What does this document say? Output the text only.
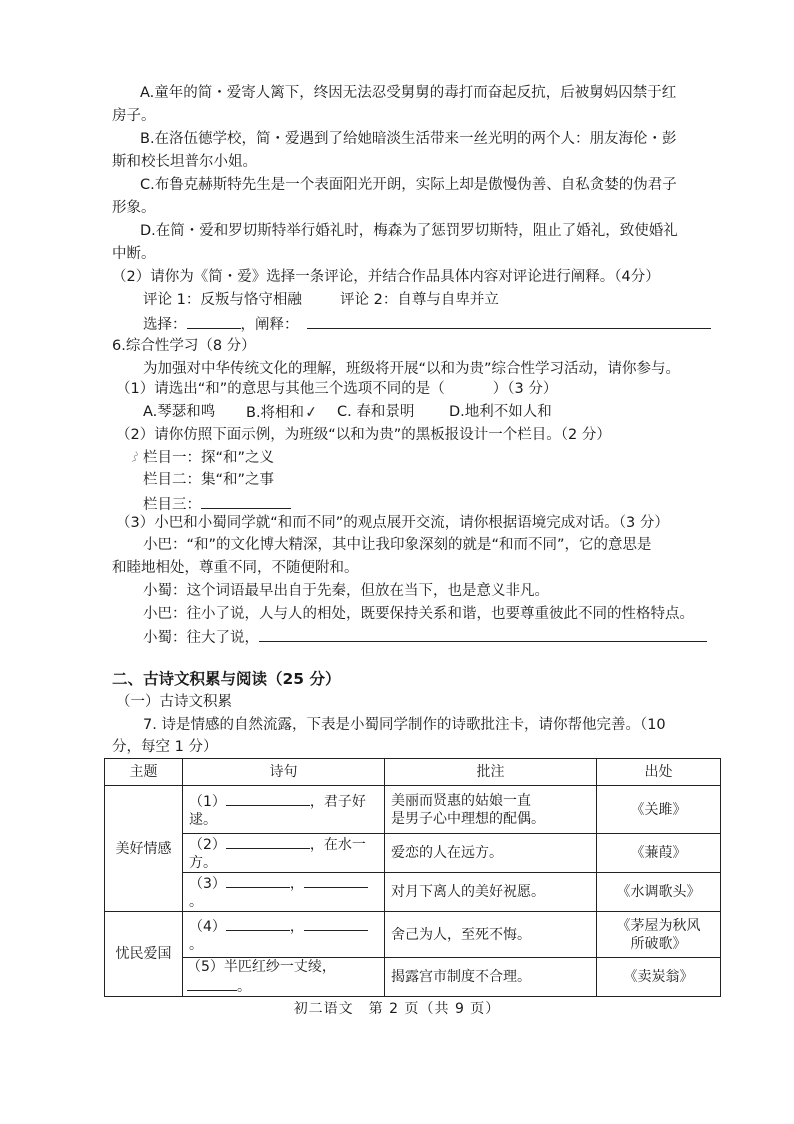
A.童年的简・爱寄人篱下，终因无法忍受舅舅的毒打而奋起反抗，后被舅妈囚禁于红
房子。
B.在洛伍德学校，简・爱遇到了给她暗淡生活带来一丝光明的两个人：朋友海伦・彭
斯和校长坦普尔小姐。
C.布鲁克赫斯特先生是一个表面阳光开朗，实际上却是傲慢伪善、自私贪婪的伪君子
形象。
D.在简・爱和罗切斯特举行婚礼时，梅森为了惩罚罗切斯特，阻止了婚礼，致使婚礼
中断。
（2）请你为《简・爱》选择一条评论，并结合作品具体内容对评论进行阐释。（4分）
评论 1：反叛与恪守相融	评论 2：自尊与自卑并立
选择：	，阐释：
6.综合性学习（8 分）
为加强对中华传统文化的理解，班级将开展“以和为贵”综合性学习活动，请你参与。
（1）请选出“和”的意思与其他三个选项不同的是（	）（3 分）
A.琴瑟和鸣 B.将相和✓ C. 春和景明 D.地利不如人和
（2）请你仿照下面示例，为班级“以和为贵”的黑板报设计一个栏目。（2 分）
栏目一：探“和”之义
栏目二：集“和”之事
〰
栏目三：
（3）小巴和小蜀同学就“和而不同”的观点展开交流，请你根据语境完成对话。（3 分）
小巴：“和”的文化博大精深，其中让我印象深刻的就是“和而不同”，它的意思是
和睦地相处，尊重不同，不随便附和。
小蜀：这个词语最早出自于先秦，但放在当下，也是意义非凡。
小巴：往小了说，人与人的相处，既要保持关系和谐，也要尊重彼此不同的性格特点。
小蜀：往大了说，
二、古诗文积累与阅读（25 分）
（一）古诗文积累
7. 诗是情感的自然流露，下表是小蜀同学制作的诗歌批注卡，请你帮他完善。（10
分，每空 1 分）
主题	诗句	批注	出处
美好情感	（1） ，君子好逑。	美丽而贤惠的姑娘一直
是男子心中理想的配偶。	《关雎》
	（2） ，在水一方。	爱恋的人在远方。	《蒹葭》
	（3） ，。	对月下离人的美好祝愿。	《水调歌头》
忧民爱国	（4） ，。	舍己为人，至死不悔。	《茅屋为秋风
所破歌》

	（5）半匹红纱一丈绫，。	揭露宫市制度不合理。	《卖炭翁》
初二语文　第 2 页（共 9 页）
